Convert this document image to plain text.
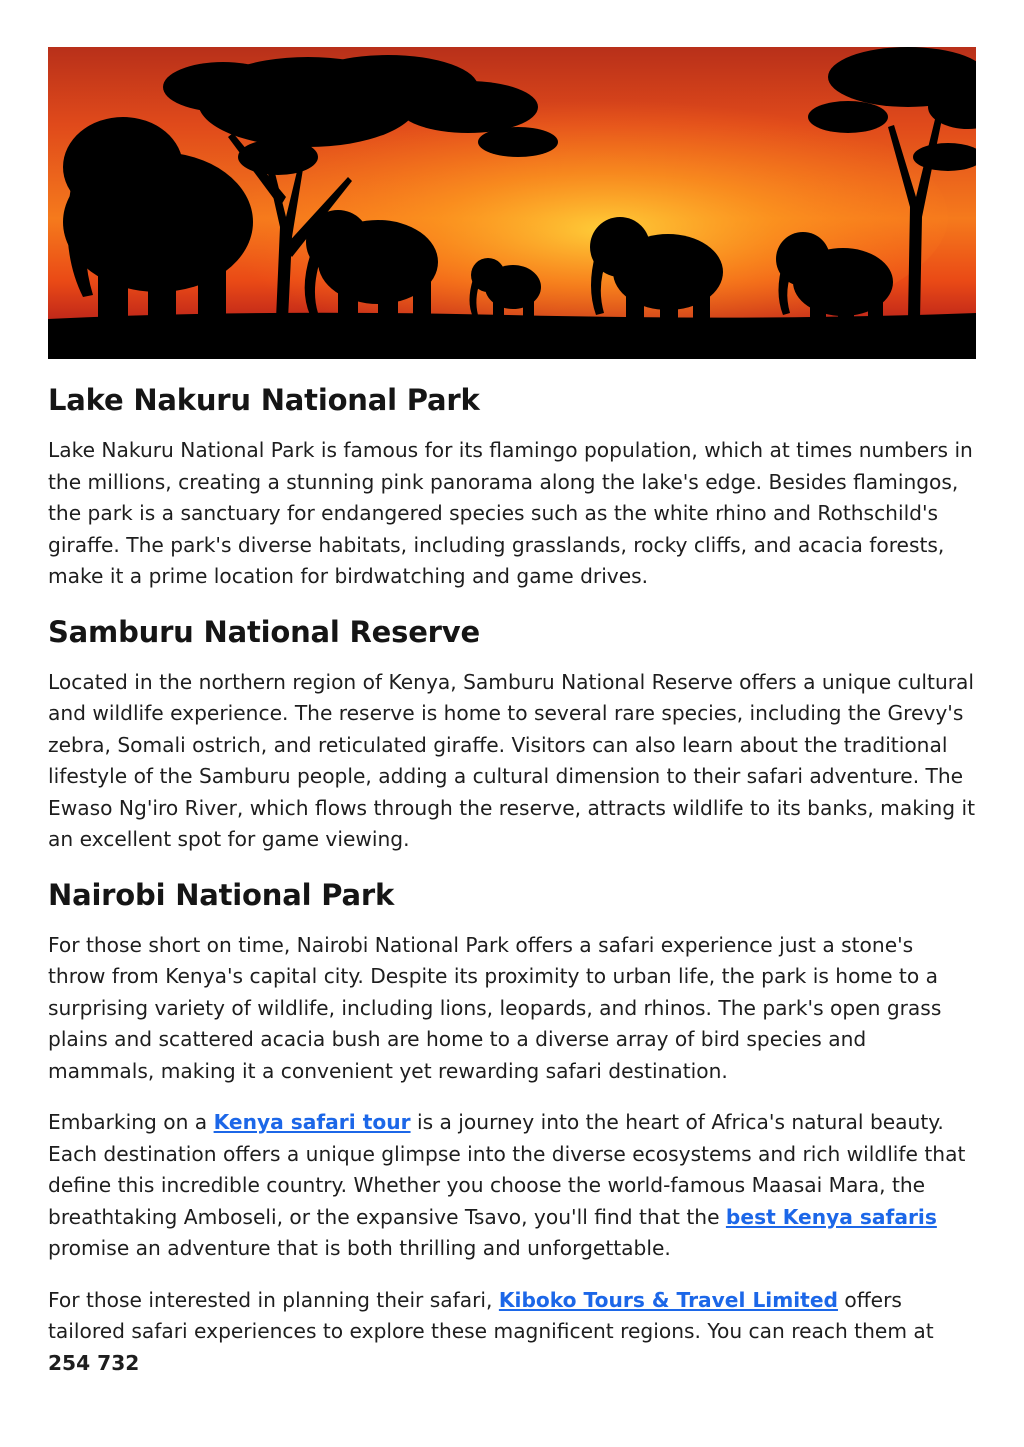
Lake Nakuru National Park

Lake Nakuru National Park is famous for its flamingo population, which at times numbers in the millions, creating a stunning pink panorama along the lake's edge. Besides flamingos, the park is a sanctuary for endangered species such as the white rhino and Rothschild's giraffe. The park's diverse habitats, including grasslands, rocky cliffs, and acacia forests, make it a prime location for birdwatching and game drives.

Samburu National Reserve

Located in the northern region of Kenya, Samburu National Reserve offers a unique cultural and wildlife experience. The reserve is home to several rare species, including the Grevy's zebra, Somali ostrich, and reticulated giraffe. Visitors can also learn about the traditional lifestyle of the Samburu people, adding a cultural dimension to their safari adventure. The Ewaso Ng'iro River, which flows through the reserve, attracts wildlife to its banks, making it an excellent spot for game viewing.

Nairobi National Park

For those short on time, Nairobi National Park offers a safari experience just a stone's throw from Kenya's capital city. Despite its proximity to urban life, the park is home to a surprising variety of wildlife, including lions, leopards, and rhinos. The park's open grass plains and scattered acacia bush are home to a diverse array of bird species and mammals, making it a convenient yet rewarding safari destination.

Embarking on a Kenya safari tour is a journey into the heart of Africa's natural beauty. Each destination offers a unique glimpse into the diverse ecosystems and rich wildlife that define this incredible country. Whether you choose the world-famous Maasai Mara, the breathtaking Amboseli, or the expansive Tsavo, you'll find that the best Kenya safaris promise an adventure that is both thrilling and unforgettable.

For those interested in planning their safari, Kiboko Tours & Travel Limited offers tailored safari experiences to explore these magnificent regions. You can reach them at 254 732
